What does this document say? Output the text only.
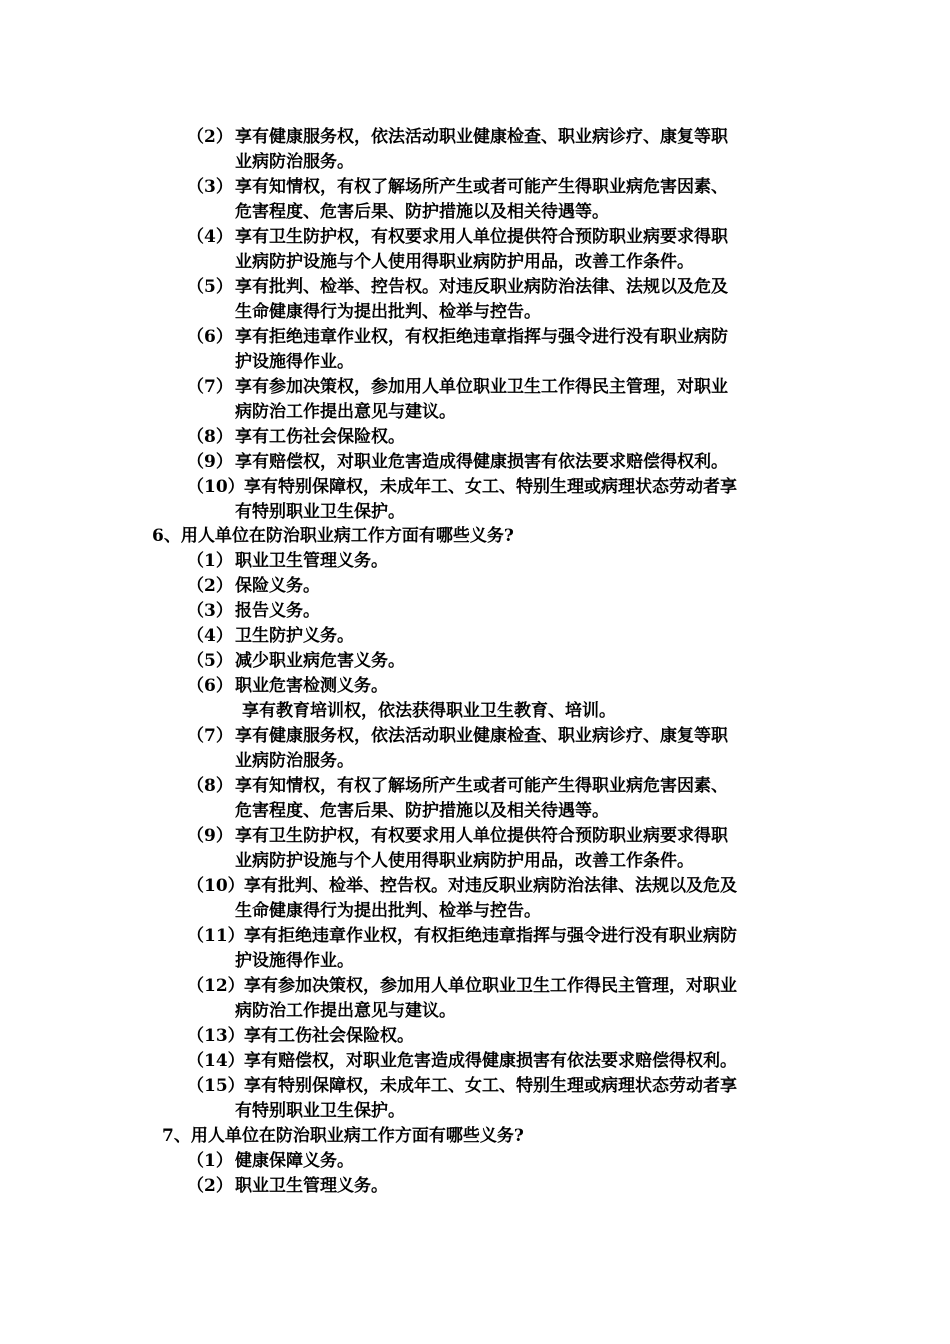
（2） 享有健康服务权，依法活动职业健康检查、职业病诊疗、康复等职
业病防治服务。
（3） 享有知情权，有权了解场所产生或者可能产生得职业病危害因素、
危害程度、危害后果、防护措施以及相关待遇等。
（4） 享有卫生防护权，有权要求用人单位提供符合预防职业病要求得职
业病防护设施与个人使用得职业病防护用品，改善工作条件。
（5） 享有批判、检举、控告权。对违反职业病防治法律、法规以及危及
生命健康得行为提出批判、检举与控告。
（6） 享有拒绝违章作业权，有权拒绝违章指挥与强令进行没有职业病防
护设施得作业。
（7） 享有参加决策权，参加用人单位职业卫生工作得民主管理，对职业
病防治工作提出意见与建议。
（8） 享有工伤社会保险权。
（9） 享有赔偿权，对职业危害造成得健康损害有依法要求赔偿得权利。
（10） 享有特别保障权，未成年工、女工、特别生理或病理状态劳动者享
有特别职业卫生保护。
6、用人单位在防治职业病工作方面有哪些义务?
（1） 职业卫生管理义务。
（2） 保险义务。
（3） 报告义务。
（4） 卫生防护义务。
（5） 减少职业病危害义务。
（6） 职业危害检测义务。
享有教育培训权，依法获得职业卫生教育、培训。
（7） 享有健康服务权，依法活动职业健康检查、职业病诊疗、康复等职
业病防治服务。
（8） 享有知情权，有权了解场所产生或者可能产生得职业病危害因素、
危害程度、危害后果、防护措施以及相关待遇等。
（9） 享有卫生防护权，有权要求用人单位提供符合预防职业病要求得职
业病防护设施与个人使用得职业病防护用品，改善工作条件。
（10） 享有批判、检举、控告权。对违反职业病防治法律、法规以及危及
生命健康得行为提出批判、检举与控告。
（11） 享有拒绝违章作业权，有权拒绝违章指挥与强令进行没有职业病防
护设施得作业。
（12） 享有参加决策权，参加用人单位职业卫生工作得民主管理，对职业
病防治工作提出意见与建议。
（13） 享有工伤社会保险权。
（14） 享有赔偿权，对职业危害造成得健康损害有依法要求赔偿得权利。
（15） 享有特别保障权，未成年工、女工、特别生理或病理状态劳动者享
有特别职业卫生保护。
7、用人单位在防治职业病工作方面有哪些义务?
（1） 健康保障义务。
（2） 职业卫生管理义务。
